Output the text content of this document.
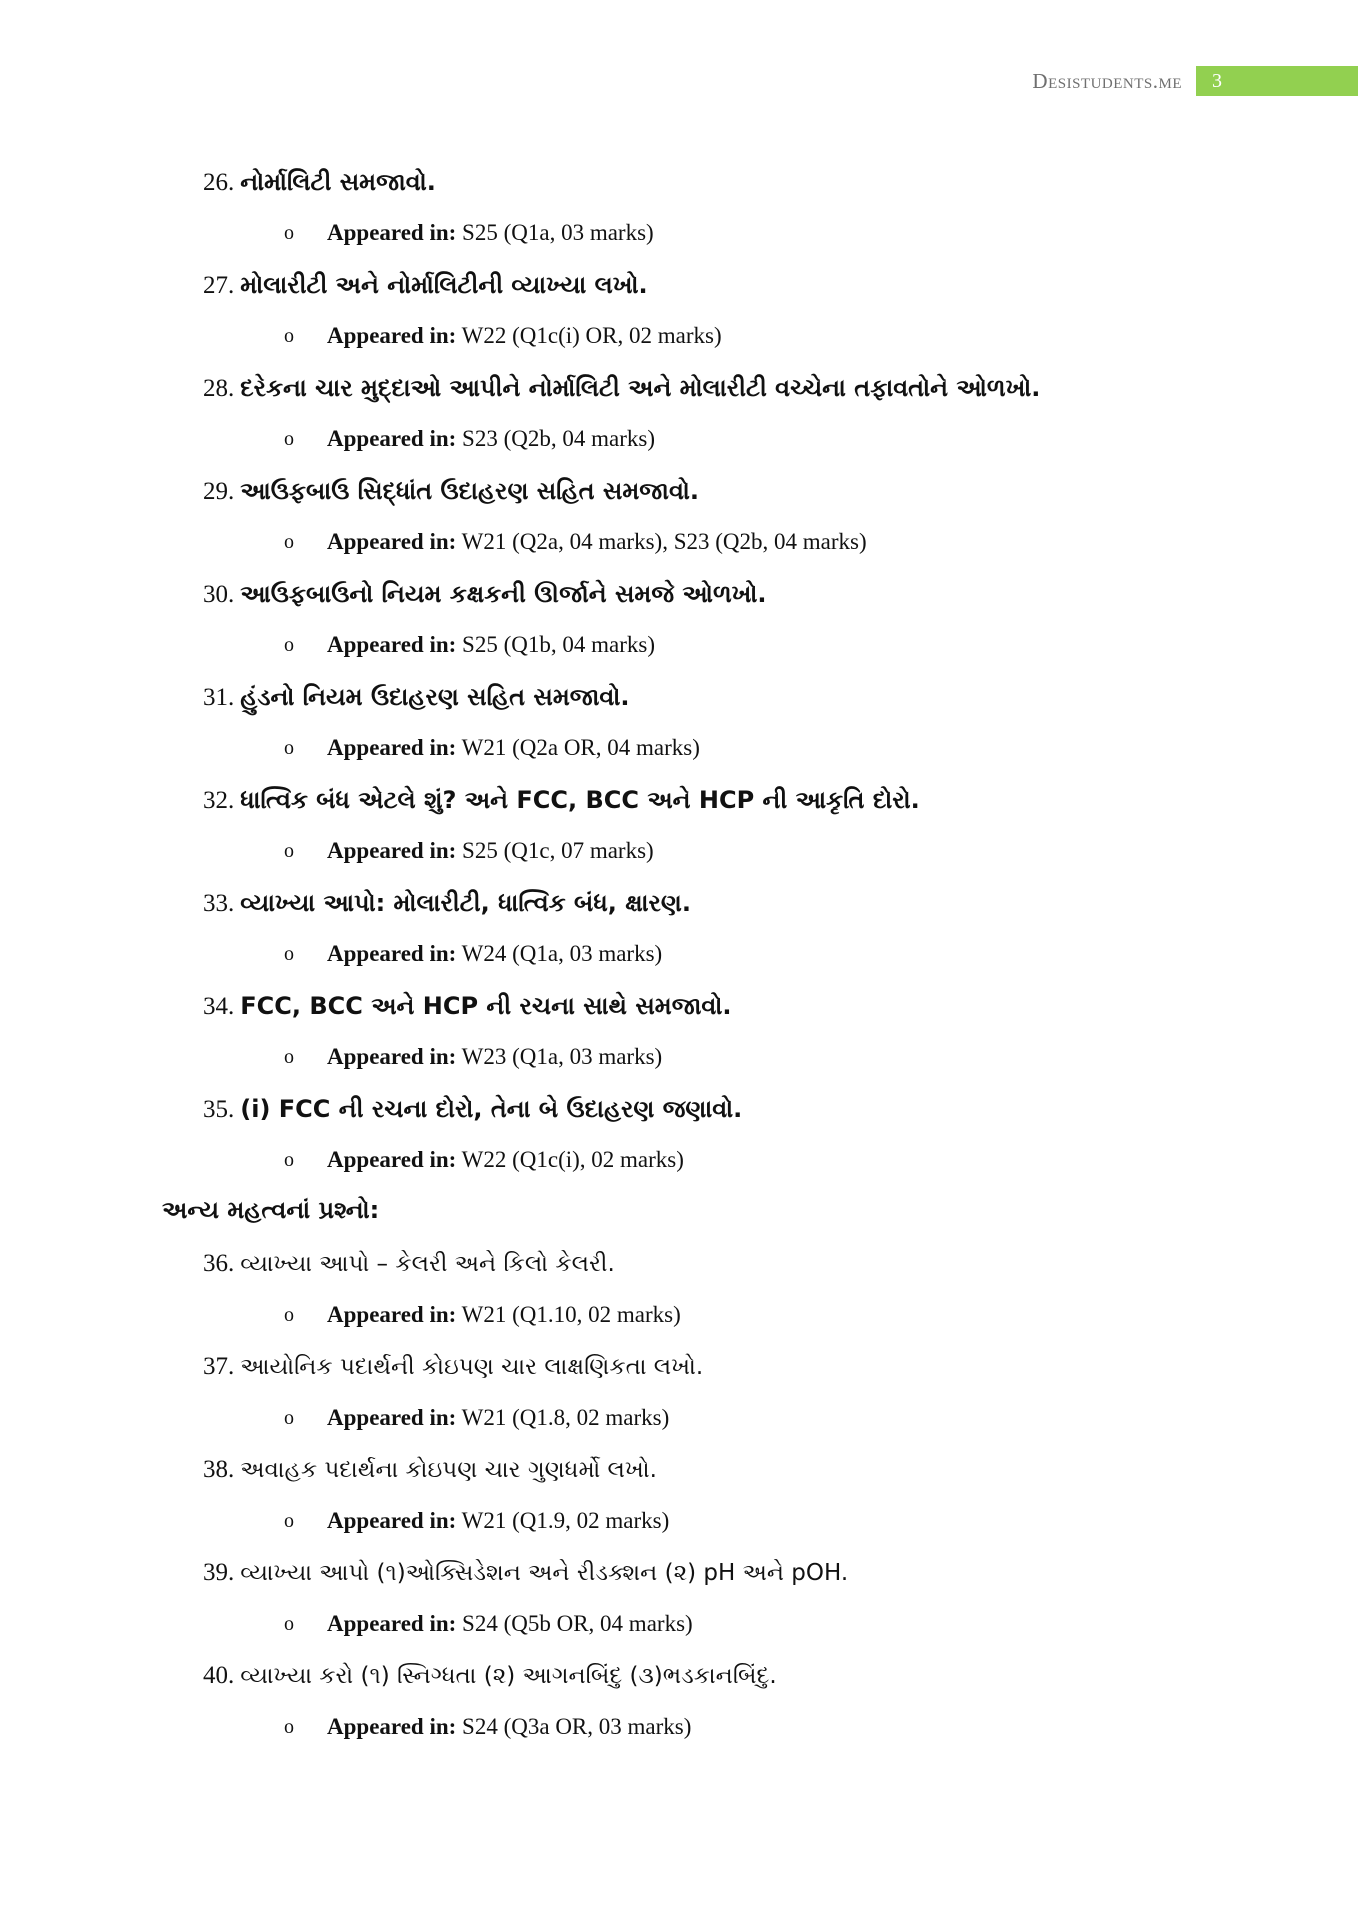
Desistudents.me	3
26. નોર્માલિટી સમજાવો.
o Appeared in: S25 (Q1a, 03 marks)
27. મોલારીટી અને નોર્માલિટીની વ્યાખ્યા લખો.
o Appeared in: W22 (Q1c(i) OR, 02 marks)
28. દરેકના ચાર મુદ્દાઓ આપીને નોર્માલિટી અને મોલારીટી વચ્ચેના તફાવતોને ઓળખો.
o Appeared in: S23 (Q2b, 04 marks)
29. આઉફબાઉ સિદ્ધાંત ઉદાહરણ સહિત સમજાવો.
o Appeared in: W21 (Q2a, 04 marks), S23 (Q2b, 04 marks)
30. આઉફબાઉનો નિયમ કક્ષકની ઊર્જાને સમજે ઓળખો.
o Appeared in: S25 (Q1b, 04 marks)
31. હુંડનો નિયમ ઉદાહરણ સહિત સમજાવો.
o Appeared in: W21 (Q2a OR, 04 marks)
32. ધાત્વિક બંધ એટલે શું? અને FCC, BCC અને HCP ની આકૃતિ દોરો.
o Appeared in: S25 (Q1c, 07 marks)
33. વ્યાખ્યા આપો: મોલારીટી, ધાત્વિક બંધ, ક્ષારણ.
o Appeared in: W24 (Q1a, 03 marks)
34. FCC, BCC અને HCP ની રચના સાથે સમજાવો.
o Appeared in: W23 (Q1a, 03 marks)
35. (i) FCC ની રચના દોરો, તેના બે ઉદાહરણ જણાવો.
o Appeared in: W22 (Q1c(i), 02 marks)
અન્ય મહત્વનાં પ્રશ્નો:
36. વ્યાખ્યા આપો – કેલરી અને કિલો કેલરી.
o Appeared in: W21 (Q1.10, 02 marks)
37. આયોનિક પદાર્થની કોઇપણ ચાર લાક્ષણિકતા લખો.
o Appeared in: W21 (Q1.8, 02 marks)
38. અવાહક પદાર્થના કોઇપણ ચાર ગુણધર્મો લખો.
o Appeared in: W21 (Q1.9, 02 marks)
39. વ્યાખ્યા આપો (૧)ઓક્સિડેશન અને રીડક્શન (૨) pH અને pOH.
o Appeared in: S24 (Q5b OR, 04 marks)
40. વ્યાખ્યા કરો (૧) સ્નિગ્ધતા (૨) આગનબિંદુ (૩)ભડકાનબિંદુ.
o Appeared in: S24 (Q3a OR, 03 marks)
